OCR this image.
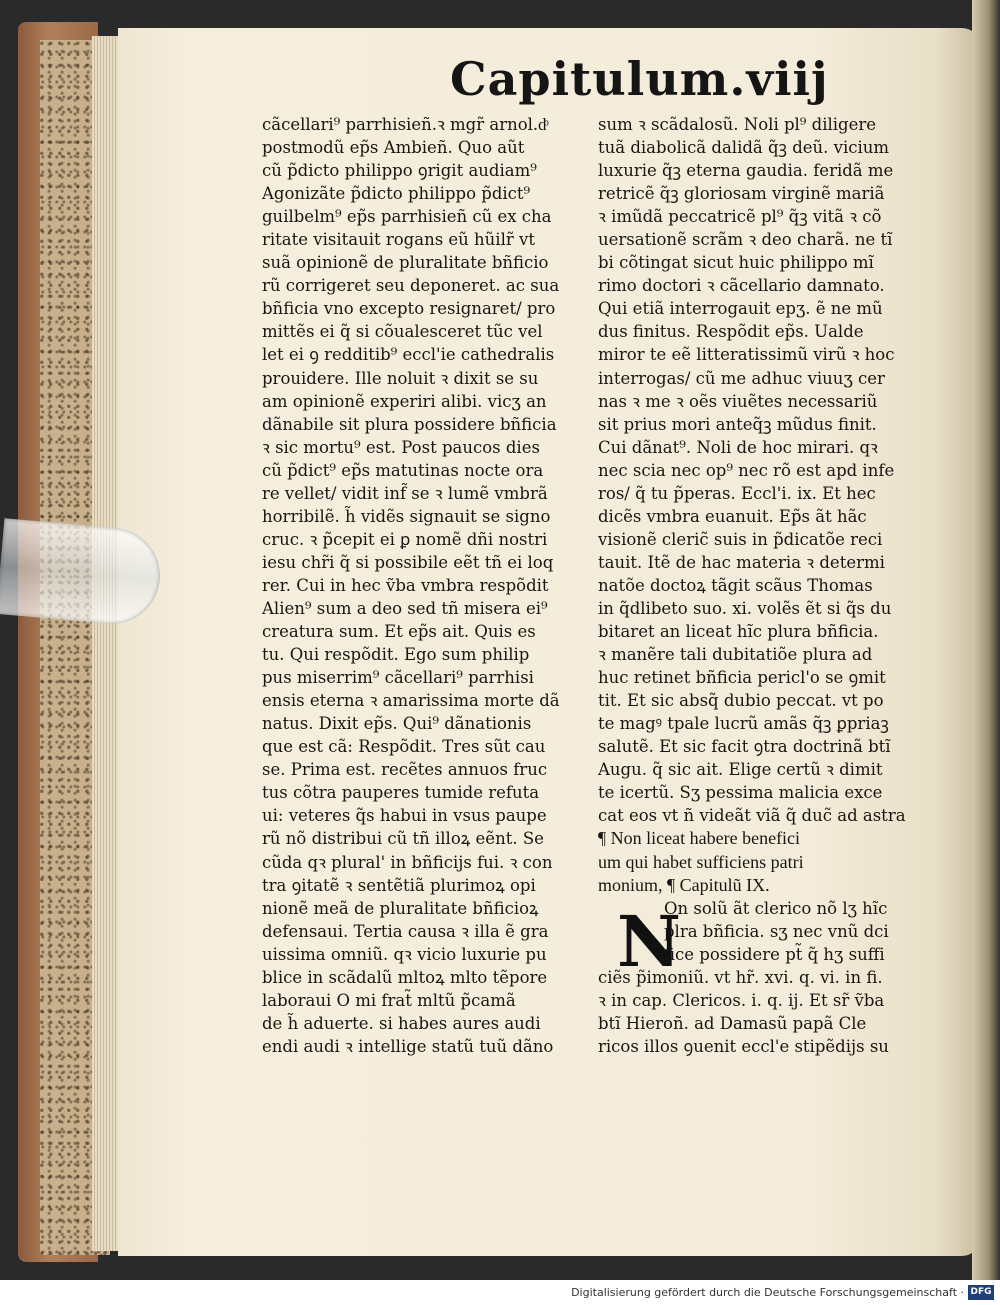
Capitulum.viij
cãcellari⁹ parrhisieñ.ꝛ mgr̃ arnol.dͦ
postmodũ ep̃s Ambieñ. Quo aũt
cũ p̃dicto philippo ꝯrigit audiam⁹
Agonizãte p̃dicto philippo p̃dict⁹
guilbelm⁹ ep̃s parrhisieñ cũ ex cha
ritate visitauit rogans eũ hũilr̃ vt
suã opinionẽ de pluralitate bñficio
rũ corrigeret seu deponeret. ac sua
bñficia vno excepto resignaret/ pro
mittẽs ei q̃ si cõualesceret tũc vel
let ei ꝯ redditib⁹ eccl'ie cathedralis
prouidere. Ille noluit ꝛ dixit se su
am opinionẽ experiri alibi. vicʒ an
dãnabile sit plura possidere bñficia
ꝛ sic mortu⁹ est. Post paucos dies
cũ p̃dict⁹ ep̃s matutinas nocte ora
re vellet/ vidit inf̃ se ꝛ lumẽ vmbrã
horribilẽ. h̃ vidẽs signauit se signo
cruc. ꝛ p̃cepit ei ꝑ nomẽ dñi nostri
iesu chr̃i q̃ si possibile eẽt tñ ei loq
rer. Cui in hec ṽba vmbra respõdit
Alien⁹ sum a deo sed tñ misera ei⁹
creatura sum. Et ep̃s ait. Quis es
tu. Qui respõdit. Ego sum philip
pus miserrim⁹ cãcellari⁹ parrhisi
ensis eterna ꝛ amarissima morte dã
natus. Dixit ep̃s. Qui⁹ dãnationis
que est cã: Respõdit. Tres sũt cau
se. Prima est. recẽtes annuos fruc
tus cõtra pauperes tumide refuta
ui: veteres q̃s habui in vsus paupe
rũ nõ distribui cũ tñ illoꝝ eẽnt. Se
cũda qꝛ plural' in bñficijs fui. ꝛ con
tra ꝯitatẽ ꝛ sentẽtiã plurimoꝝ opi
nionẽ meã de pluralitate bñficioꝝ
defensaui. Tertia causa ꝛ illa ẽ gra
uissima omniũ. qꝛ vicio luxurie pu
blice in scãdalũ mltoꝝ mlto tẽpore
laboraui O mi frat̃ mltũ p̃camã
de h̃ aduerte. si habes aures audi
endi audi ꝛ intellige statũ tuũ dãno
sum ꝛ scãdalosũ. Noli pl⁹ diligere
tuã diabolicã dalidã q̃ꝫ deũ. vicium
luxurie q̃ꝫ eterna gaudia. feridã me
retricẽ q̃ꝫ gloriosam virginẽ mariã
ꝛ imũdã peccatricẽ pl⁹ q̃ꝫ vitã ꝛ cõ
uersationẽ scrãm ꝛ deo charã. ne tĩ
bi cõtingat sicut huic philippo mĩ
rimo doctori ꝛ cãcellario damnato.
Qui etiã interrogauit epʒ. ẽ ne mũ
dus finitus. Respõdit ep̃s. Ualde
miror te eẽ litteratissimũ virũ ꝛ hoc
interrogas/ cũ me adhuc viuuʒ cer
nas ꝛ me ꝛ oẽs viuẽtes necessariũ
sit prius mori anteq̃ꝫ mũdus finit.
Cui dãnat⁹. Noli de hoc mirari. qꝛ
nec scia nec op⁹ nec rõ est apd infe
ros/ q̃ tu p̃peras. Eccl'i. ix. Et hec
dicẽs vmbra euanuit. Ep̃s ãt hãc
visionẽ cleric̃ suis in p̃dicatõe reci
tauit. Itẽ de hac materia ꝛ determi
natõe doctoꝝ tãgit scãus Thomas
in q̃dlibeto suo. xi. volẽs ẽt si q̃s du
bitaret an liceat hĩc plura bñficia.
ꝛ manẽre tali dubitatiõe plura ad
huc retinet bñficia pericl'o se ꝯmit
tit. Et sic absq̃ dubio peccat. vt po
te magꝰ tpale lucrũ amãs q̃ꝫ ꝑpriaꝫ
salutẽ. Et sic facit ꝯtra doctrinã btĩ
Augu. q̃ sic ait. Elige certũ ꝛ dimit
te icertũ. Sʒ pessima malicia exce
cat eos vt ñ videãt viã q̃ duc̃ ad astra
¶ Non liceat habere benefici
um qui habet sufficiens patri
monium, ¶ Capitulũ IX.
On solũ ãt clerico nõ lʒ hĩc
plra bñficia. sʒ nec vnũ dci
fice possidere pt̃ q̃ hʒ suffi
ciẽs p̃imoniũ. vt hr̃. xvi. q. vi. in fi.
ꝛ in cap. Clericos. i. q. ij. Et sr̃ ṽba
btĩ Hieroñ. ad Damasũ papã Cle
ricos illos ꝯuenit eccl'e stipẽdijs su
N
Digitalisierung gefördert durch die Deutsche Forschungsgemeinschaft · DFG
